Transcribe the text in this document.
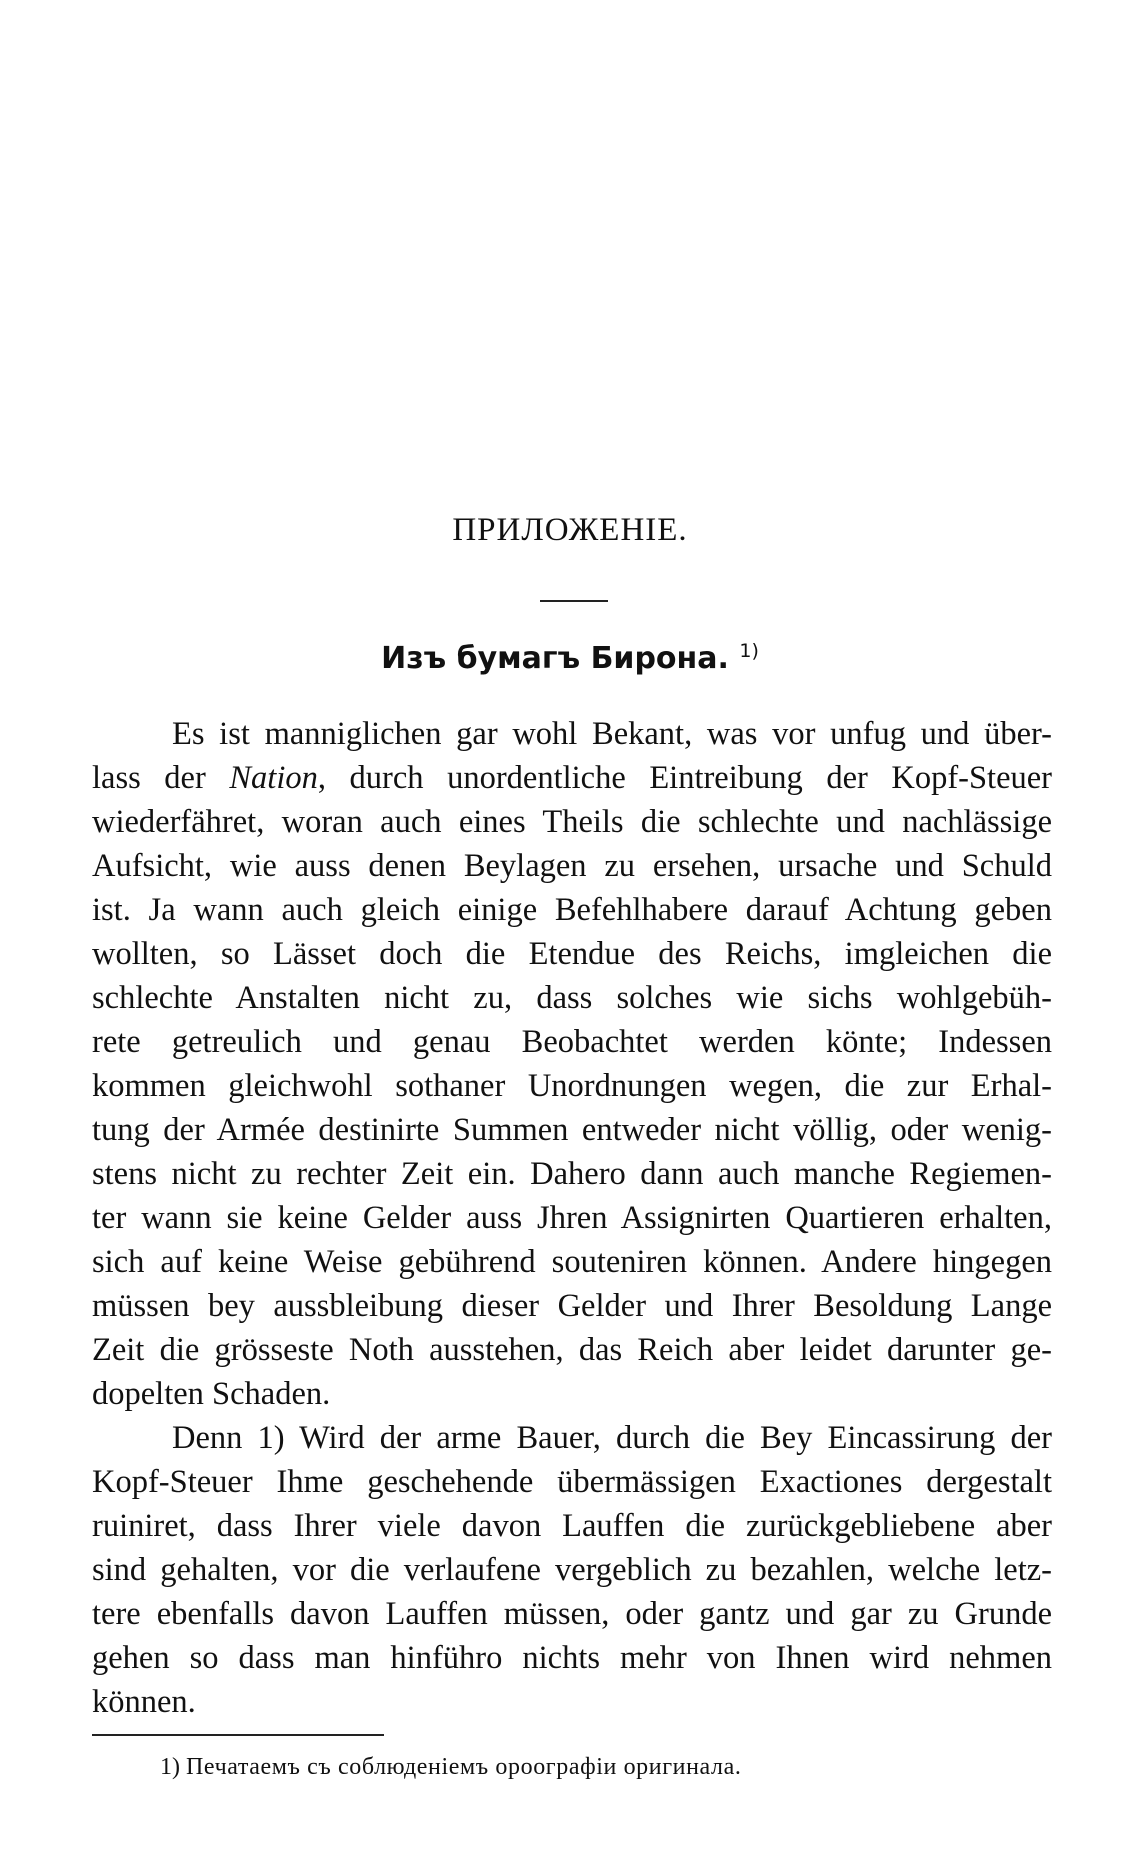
ПРИЛОЖЕНІЕ.
Изъ бумагъ Бирона. $^{1)}$
Es ist manniglichen gar wohl Bekant, was vor unfug und über-
lass der Nation, durch unordentliche Eintreibung der Kopf-Steuer
wiederfähret, woran auch eines Theils die schlechte und nachlässige
Aufsicht, wie auss denen Beylagen zu ersehen, ursache und Schuld
ist. Ja wann auch gleich einige Befehlhabere darauf Achtung geben
wollten, so Lässet doch die Etendue des Reichs, imgleichen die
schlechte Anstalten nicht zu, dass solches wie sichs wohlgebüh-
rete getreulich und genau Beobachtet werden könte; Indessen
kommen gleichwohl sothaner Unordnungen wegen, die zur Erhal-
tung der Armée destinirte Summen entweder nicht völlig, oder wenig-
stens nicht zu rechter Zeit ein. Dahero dann auch manche Regiemen-
ter wann sie keine Gelder auss Jhren Assignirten Quartieren erhalten,
sich auf keine Weise gebührend souteniren können. Andere hingegen
müssen bey aussbleibung dieser Gelder und Ihrer Besoldung Lange
Zeit die grösseste Noth ausstehen, das Reich aber leidet darunter ge-
dopelten Schaden.
Denn 1) Wird der arme Bauer, durch die Bey Eincassirung der
Kopf-Steuer Ihme geschehende übermässigen Exactiones dergestalt
ruiniret, dass Ihrer viele davon Lauffen die zurückgebliebene aber
sind gehalten, vor die verlaufene vergeblich zu bezahlen, welche letz-
tere ebenfalls davon Lauffen müssen, oder gantz und gar zu Grunde
gehen so dass man hinführo nichts mehr von Ihnen wird nehmen
können.
1) Печатаемъ съ соблюденіемъ ороографіи оригинала.
